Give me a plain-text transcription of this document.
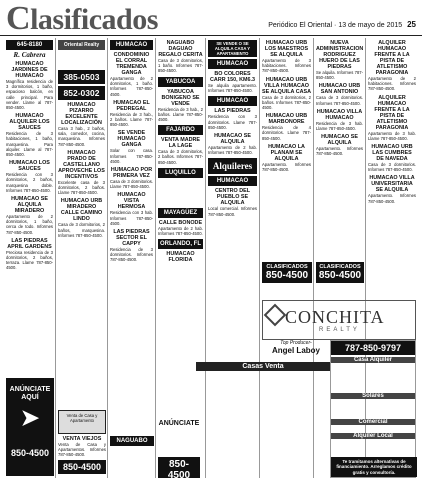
Clasificados	Periódico El Oriental · 13 de mayo de 2015 25
645-8180
R. Cabrera
HUMACAO JARDINES DE HUMACAO
Magnífica residencia de 3 dormitorios, 1 baño, espacioso balcón, en calle principal. Para vender. Llame al 787-850-4500.
HUMACAO ALQUILER LOS SAUCES
Residencia de 3 habitaciones, 1 baño, marquesina. Para alquiler. Llame al 787-850-4500.
HUMACAO LOS SAUCES
Residencia con 3 dormitorios, 2 baños, marquesina doble. Informes 787-850-4500.
HUMACAO SE ALQUILA MIRADERO
Apartamento de 2 dormitorios, 1 baño, cerca de todo. Informes 787-850-4500.
LAS PIEDRAS APRIL GARDENS
Preciosa residencia de 3 dormitorios, 2 baños, terraza. Llame 787-850-4500.
ANÚNCIATE AQUÍ
➤
850-4500
Oriental Realty
385-0503
852-0302
HUMACAO PIZARRO EXCELENTE LOCALIZACIÓN
Casa 3 hab., 2 baños, sala, comedor, cocina, marquesina. Informes 787-850-4500.
HUMACAO PRADO DE CASTELLANO APROVECHE LOS INCENTIVOS
Excelente casa de 3 dormitorios, 2 baños. Llame 787-850-4500.
HUMACAO URB MIRADERO CALLE CAMINO LINDO
Casa de 3 dormitorios, 2 baños, marquesina. Informes 787-850-4500.
Venta de Casa y Apartamento
VENTA VIEJOS
Venta de Casa y Apartamentos. Informes 787-850-4500.
850-4500
HUMACAO
CONDOMINIO EL CORRAL TREMENDA GANGA
Apartamento de 2 dormitorios, 1 baño. Informes 787-850-4500.
HUMACAO EL PEDREGAL
Residencia de 3 hab., 2 baños. Llame 787-850-4500.
SE VENDE HUMACAO GANGA
Solar con casa. Informes 787-850-4500.
HUMACAO POR PRIMERA VEZ
Casa de 3 dormitorios. Llame 787-850-4500.
HUMACAO VISTA HERMOSA
Residencia con 3 hab. Informes 787-850-4500.
LAS PIEDRAS SECTOR EL CAPPY
Residencia de 3 dormitorios. Informes 787-850-4500.
NAGUABO
NAGUABO DAGUAO REGALO CERITA
Casa de 3 dormitorios, 1 baño. Informes 787-850-4500.
YABUCOA
YABUCOA BONIGENO SE VENDE
Residencia de 3 hab., 2 baños. Llame 787-850-4500.
FAJARDO
VENTA MADRE LA LAGE
Casa de 3 dormitorios, 2 baños. Informes 787-850-4500.
LUQUILLO
MAYAGÜEZ
CALLE BONODE
Apartamento de 2 hab. Informes 787-850-4500.
ORLANDO, FL
HUMACAO FLORIDA
ANÚNCIATE
850-4500
SE VENDE O SE ALQUILA CASA Y APARTAMENTO
HUMACAO
BO COLORES CARR 150, KM6.3
Se alquila apartamento. Informes 787-850-4500.
HUMACAO
LAS PIEDRAS
Residencia con 3 dormitorios. Llame 787-850-4500.
HUMACAO SE ALQUILA
Apartamento de 2 hab. Informes 787-850-4500.
Alquileres
HUMACAO
CENTRO DEL PUEBLO SE ALQUILA
Local comercial. Informes 787-850-4500.
HUMACAO URB LOS MAESTROS SE ALQUILA
Apartamento de 3 habitaciones. Informes 787-850-4500.
HUMACAO URB VILLA HUMACAO SE ALQUILA CASA
Casa de 3 dormitorios, 2 baños. Informes 787-850-4500.
HUMACAO URB MARBONORE
Residencia de 4 dormitorios. Llame 787-850-4500.
HUMACAO LA PLANAM SE ALQUILA
Apartamento. Informes 787-850-4500.
CLASIFICADOS
850-4500
NUEVA ADMINISTRACION RODRIGUEZ HUERO DE LAS PIEDRAS
Se alquila. Informes 787-850-4500.
HUMACAO URB SAN ANTONIO
Casa de 3 dormitorios. Informes 787-850-4500.
HUMACAO VILLA HUMACAO
Residencia de 3 hab. Llame 787-850-4500.
HUMACAO SE ALQUILA
Apartamento. Informes 787-850-4500.
CLASIFICADOS
850-4500
ALQUILER HUMACAO FRENTE A LA PISTA DE ATLETISMO PARAGONIA
Apartamento de 2 habitaciones. Informes 787-850-4500.
ALQUILER HUMACAO FRENTE A LA PISTA DE ATLETISMO PARAGONIA
Apartamento de 3 hab. Llame 787-850-4500.
HUMACAO URB LAS CUMBRES DE NAVEDA
Casa de 3 dormitorios. Informes 787-850-4500.
HUMACAO VILLA UNIVERSITARIA SE ALQUILA
Apartamento. Informes 787-850-4500.
CONCHITA
REALTY
Top Producer-
Angel Laboy
Casas Venta
787-850-9797
Casa Alquiler
Solares
Comercial
Alquiler Local
Te tramitamos alternativas de financiamiento. Arreglamos crédito gratis y consultoría.
